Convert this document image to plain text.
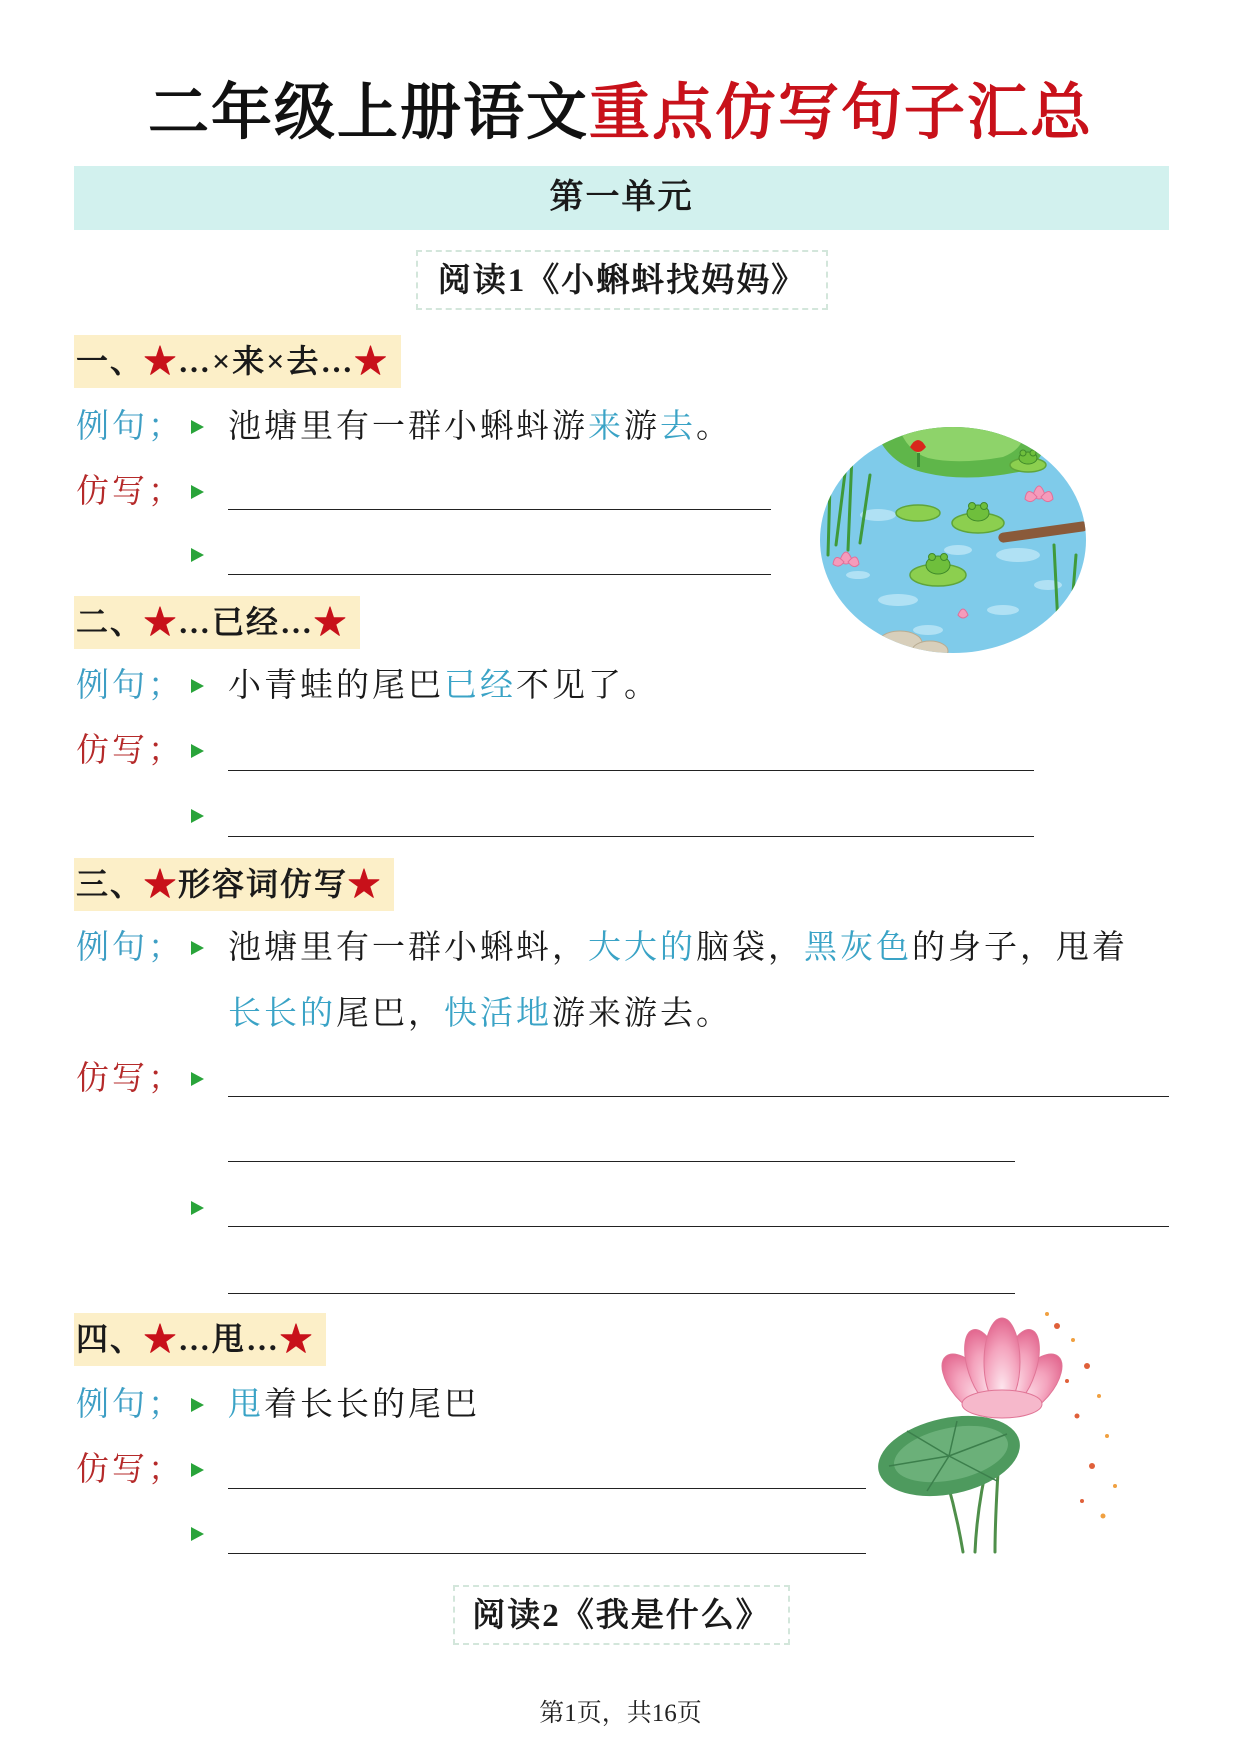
二年级上册语文重点仿写句子汇总
第一单元
阅读1《小蝌蚪找妈妈》
一、★…×来×去…★
例句； 池塘里有一群小蝌蚪游来游去。
仿写；
二、★…已经…★
例句； 小青蛙的尾巴已经不见了。
仿写；
三、★形容词仿写★
例句； 池塘里有一群小蝌蚪，大大的脑袋，黑灰色的身子，甩着
长长的尾巴，快活地游来游去。
仿写；
四、★…甩…★
例句； 甩着长长的尾巴
仿写；
阅读2《我是什么》
第1页，共16页
